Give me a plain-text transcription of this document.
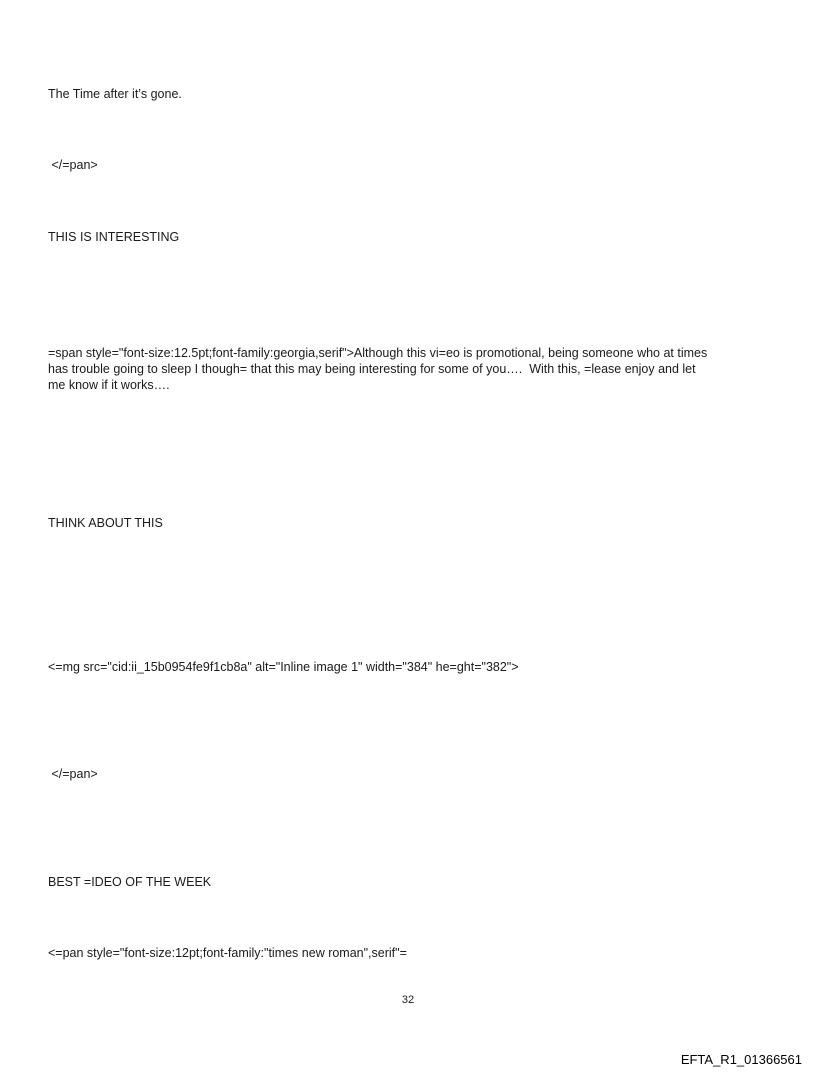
The Time after it’s gone.
</=pan>
THIS IS INTERESTING
=span style="font-size:12.5pt;font-family:georgia,serif">Although this vi=eo is promotional, being someone who at times
has trouble going to sleep I though= that this may being interesting for some of you….  With this, =lease enjoy and let
me know if it works….
THINK ABOUT THIS
<=mg src="cid:ii_15b0954fe9f1cb8a" alt="Inline image 1" width="384" he=ght="382">
</=pan>
BEST =IDEO OF THE WEEK
<=pan style="font-size:12pt;font-family:"times new roman",serif"=
32
EFTA_R1_01366561
